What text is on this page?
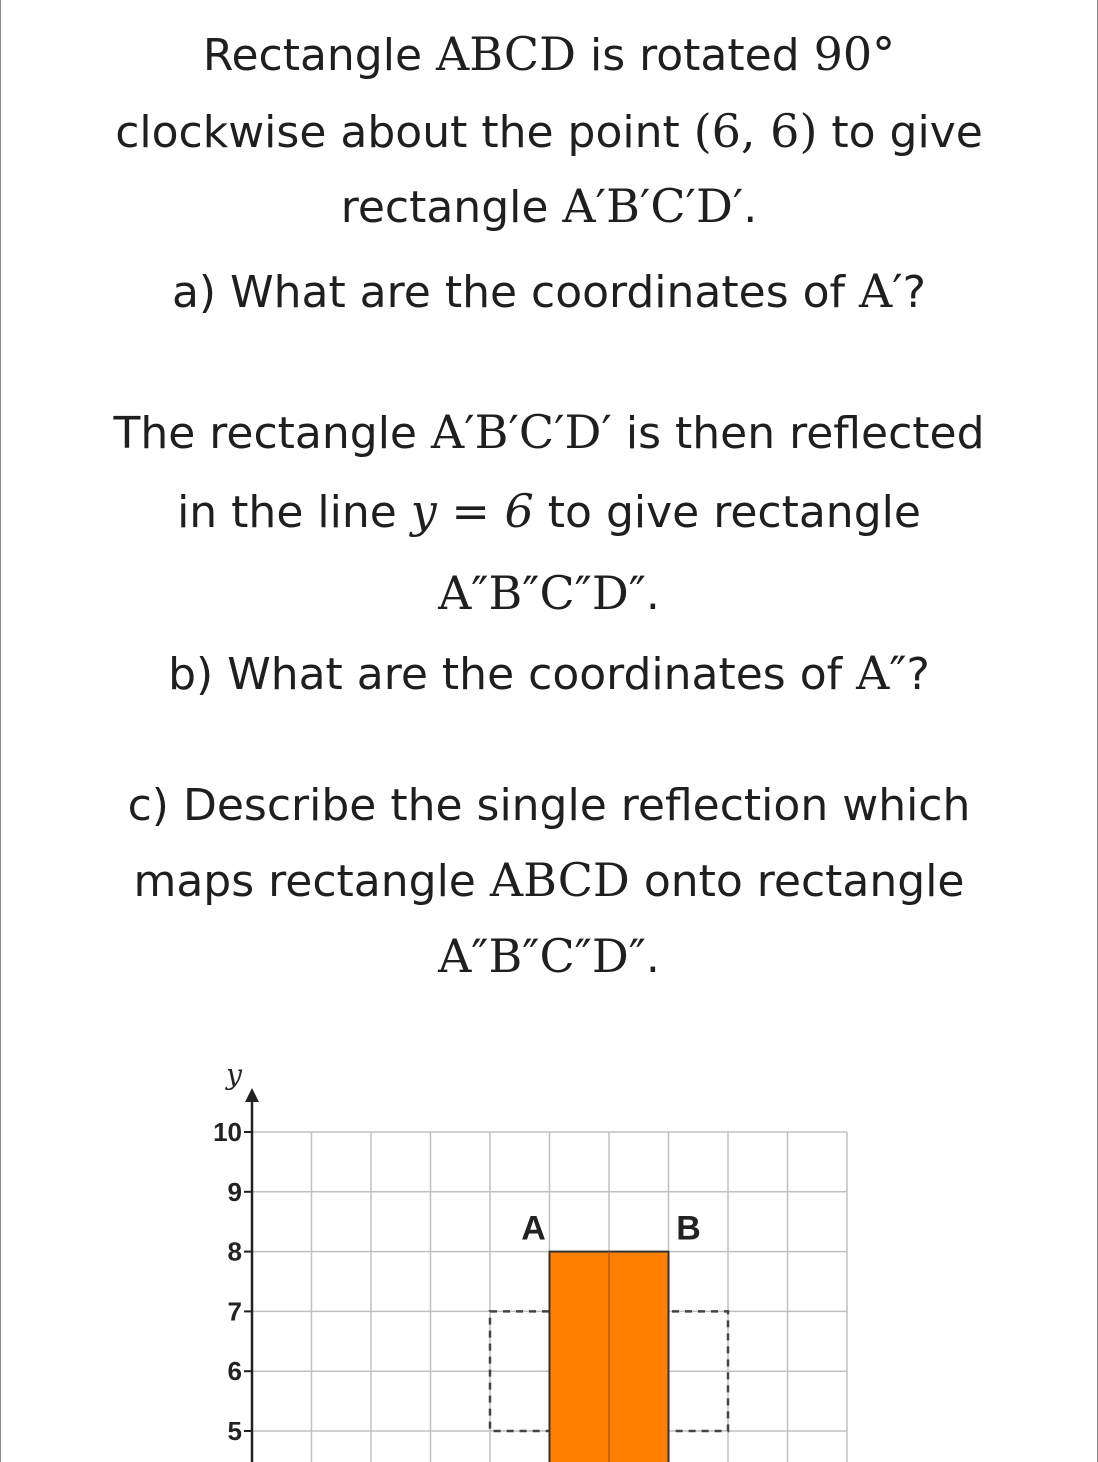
Rectangle ABCD is rotated 90°
clockwise about the point (6, 6) to give
rectangle A′B′C′D′.
a) What are the coordinates of A′?
The rectangle A′B′C′D′ is then reflected
in the line y = 6 to give rectangle
A″B″C″D″.
b) What are the coordinates of A″?
c) Describe the single reflection which
maps rectangle ABCD onto rectangle
A″B″C″D″.
y
10
9
8
7
6
5
A	B
